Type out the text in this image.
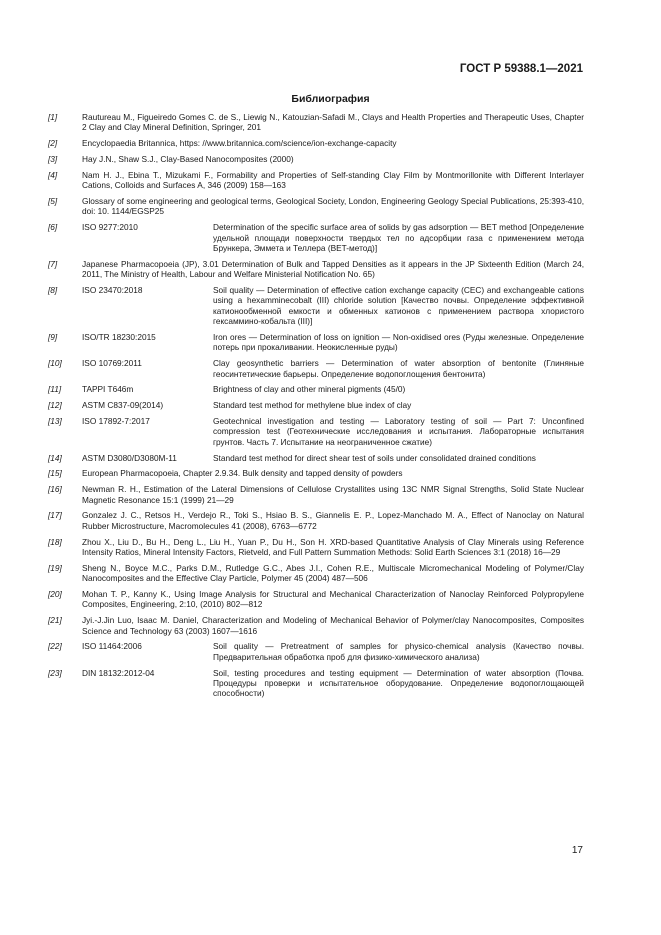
ГОСТ Р 59388.1—2021
Библиография
[1]	Rautureau M., Figueiredo Gomes C. de S., Liewig N., Katouzian-Safadi M., Clays and Health Properties and Therapeutic Uses, Chapter 2 Clay and Clay Mineral Definition, Springer, 201
[2]	Encyclopaedia Britannica, https: //www.britannica.com/science/ion-exchange-capacity
[3]	Hay J.N., Shaw S.J., Clay-Based Nanocomposites (2000)
[4]	Nam H. J., Ebina T., Mizukami F., Formability and Properties of Self-standing Clay Film by Montmorillonite with Different Interlayer Cations, Colloids and Surfaces A, 346 (2009) 158—163
[5]	Glossary of some engineering and geological terms, Geological Society, London, Engineering Geology Special Publications, 25:393-410, doi: 10. 1144/EGSP25
[6]	ISO 9277:2010	Determination of the specific surface area of solids by gas adsorption — BET method [Определение удельной площади поверхности твердых тел по адсорбции газа с применением метода Брункера, Эммета и Теллера (BET-метод)]
[7]	Japanese Pharmacopoeia (JP), 3.01 Determination of Bulk and Tapped Densities as it appears in the JP Sixteenth Edition (March 24, 2011, The Ministry of Health, Labour and Welfare Ministerial Notification No. 65)
[8]	ISO 23470:2018	Soil quality — Determination of effective cation exchange capacity (CEC) and exchangeable cations using a hexamminecobalt (III) chloride solution [Качество почвы. Определение эффективной катионообменной емкости и обменных катионов с применением раствора хлористого гексаммино-кобальта (III)]
[9]	ISO/TR 18230:2015	Iron ores — Determination of loss on ignition — Non-oxidised ores (Руды железные. Определение потерь при прокаливании. Неокисленные руды)
[10]	ISO 10769:2011	Clay geosynthetic barriers — Determination of water absorption of bentonite (Глиняные геосинтетические барьеры. Определение водопоглощения бентонита)
[11]	TAPPI T646m	Brightness of clay and other mineral pigments (45/0)
[12]	ASTM C837-09(2014)	Standard test method for methylene blue index of clay
[13]	ISO 17892-7:2017	Geotechnical investigation and testing — Laboratory testing of soil — Part 7: Unconfined compression test (Геотехнические исследования и испытания. Лабораторные испытания грунтов. Часть 7. Испытание на неограниченное сжатие)
[14]	ASTM D3080/D3080M-11	Standard test method for direct shear test of soils under consolidated drained conditions
[15]	European Pharmacopoeia, Chapter 2.9.34. Bulk density and tapped density of powders
[16]	Newman R. H., Estimation of the Lateral Dimensions of Cellulose Crystallites using 13C NMR Signal Strengths, Solid State Nuclear Magnetic Resonance 15:1 (1999) 21—29
[17]	Gonzalez J. C., Retsos H., Verdejo R., Toki S., Hsiao B. S., Giannelis E. P., Lopez-Manchado M. A., Effect of Nanoclay on Natural Rubber Microstructure, Macromolecules 41 (2008), 6763—6772
[18]	Zhou X., Liu D., Bu H., Deng L., Liu H., Yuan P., Du H., Son H. XRD-based Quantitative Analysis of Clay Minerals using Reference Intensity Ratios, Mineral Intensity Factors, Rietveld, and Full Pattern Summation Methods: Solid Earth Sciences 3:1 (2018) 16—29
[19]	Sheng N., Boyce M.C., Parks D.M., Rutledge G.C., Abes J.I., Cohen R.E., Multiscale Micromechanical Modeling of Polymer/Clay Nanocomposites and the Effective Clay Particle, Polymer 45 (2004) 487—506
[20]	Mohan T. P., Kanny K., Using Image Analysis for Structural and Mechanical Characterization of Nanoclay Reinforced Polypropylene Composites, Engineering, 2:10, (2010) 802—812
[21]	Jyi.-J.Jin Luo, Isaac M. Daniel, Characterization and Modeling of Mechanical Behavior of Polymer/clay Nanocomposites, Composites Science and Technology 63 (2003) 1607—1616
[22]	ISO 11464:2006	Soil quality — Pretreatment of samples for physico-chemical analysis (Качество почвы. Предварительная обработка проб для физико-химического анализа)
[23]	DIN 18132:2012-04	Soil, testing procedures and testing equipment — Determination of water absorption (Почва. Процедуры проверки и испытательное оборудование. Определение водопоглощающей способности)
17
